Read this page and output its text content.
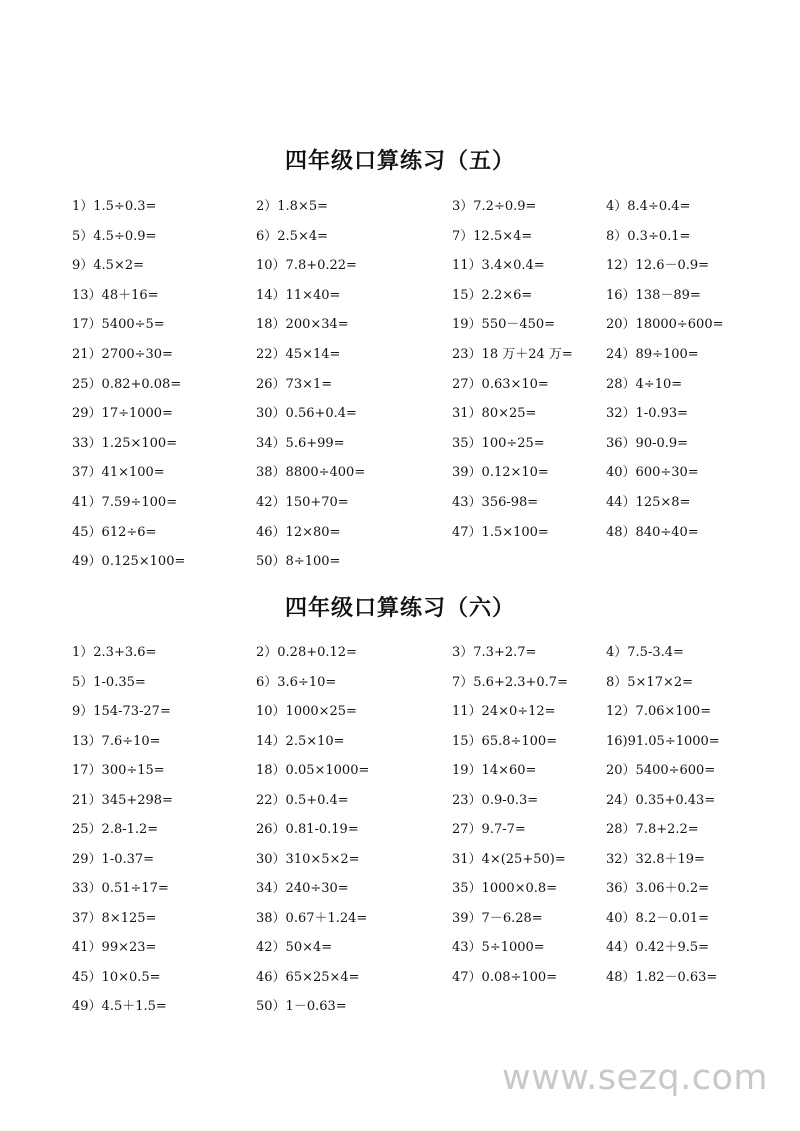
四年级口算练习（五）
1）1.5÷0.3=	2）1.8×5=	3）7.2÷0.9=	4）8.4÷0.4=
5）4.5÷0.9=	6）2.5×4=	7）12.5×4=	8）0.3÷0.1=
9）4.5×2=	10）7.8+0.22=	11）3.4×0.4=	12）12.6－0.9=
13）48＋16=	14）11×40=	15）2.2×6=	16）138－89=
17）5400÷5=	18）200×34=	19）550－450=	20）18000÷600=
21）2700÷30=	22）45×14=	23）18 万＋24 万=	24）89÷100=
25）0.82+0.08=	26）73×1=	27）0.63×10=	28）4÷10=
29）17÷1000=	30）0.56+0.4=	31）80×25=	32）1-0.93=
33）1.25×100=	34）5.6+99=	35）100÷25=	36）90-0.9=
37）41×100=	38）8800÷400=	39）0.12×10=	40）600÷30=
41）7.59÷100=	42）150+70=	43）356-98=	44）125×8=
45）612÷6=	46）12×80=	47）1.5×100=	48）840÷40=
49）0.125×100=	50）8÷100=
四年级口算练习（六）
1）2.3+3.6=	2）0.28+0.12=	3）7.3+2.7=	4）7.5-3.4=
5）1-0.35=	6）3.6÷10=	7）5.6+2.3+0.7=	8）5×17×2=
9）154-73-27=	10）1000×25=	11）24×0÷12=	12）7.06×100=
13）7.6÷10=	14）2.5×10=	15）65.8÷100=	16)91.05÷1000=
17）300÷15=	18）0.05×1000=	19）14×60=	20）5400÷600=
21）345+298=	22）0.5+0.4=	23）0.9-0.3=	24）0.35+0.43=
25）2.8-1.2=	26）0.81-0.19=	27）9.7-7=	28）7.8+2.2=
29）1-0.37=	30）310×5×2=	31）4×(25+50)=	32）32.8＋19=
33）0.51÷17=	34）240÷30=	35）1000×0.8=	36）3.06＋0.2=
37）8×125=	38）0.67＋1.24=	39）7－6.28=	40）8.2－0.01=
41）99×23=	42）50×4=	43）5÷1000=	44）0.42＋9.5=
45）10×0.5=	46）65×25×4=	47）0.08÷100=	48）1.82－0.63=
49）4.5＋1.5=	50）1－0.63=
www.sezq.com
